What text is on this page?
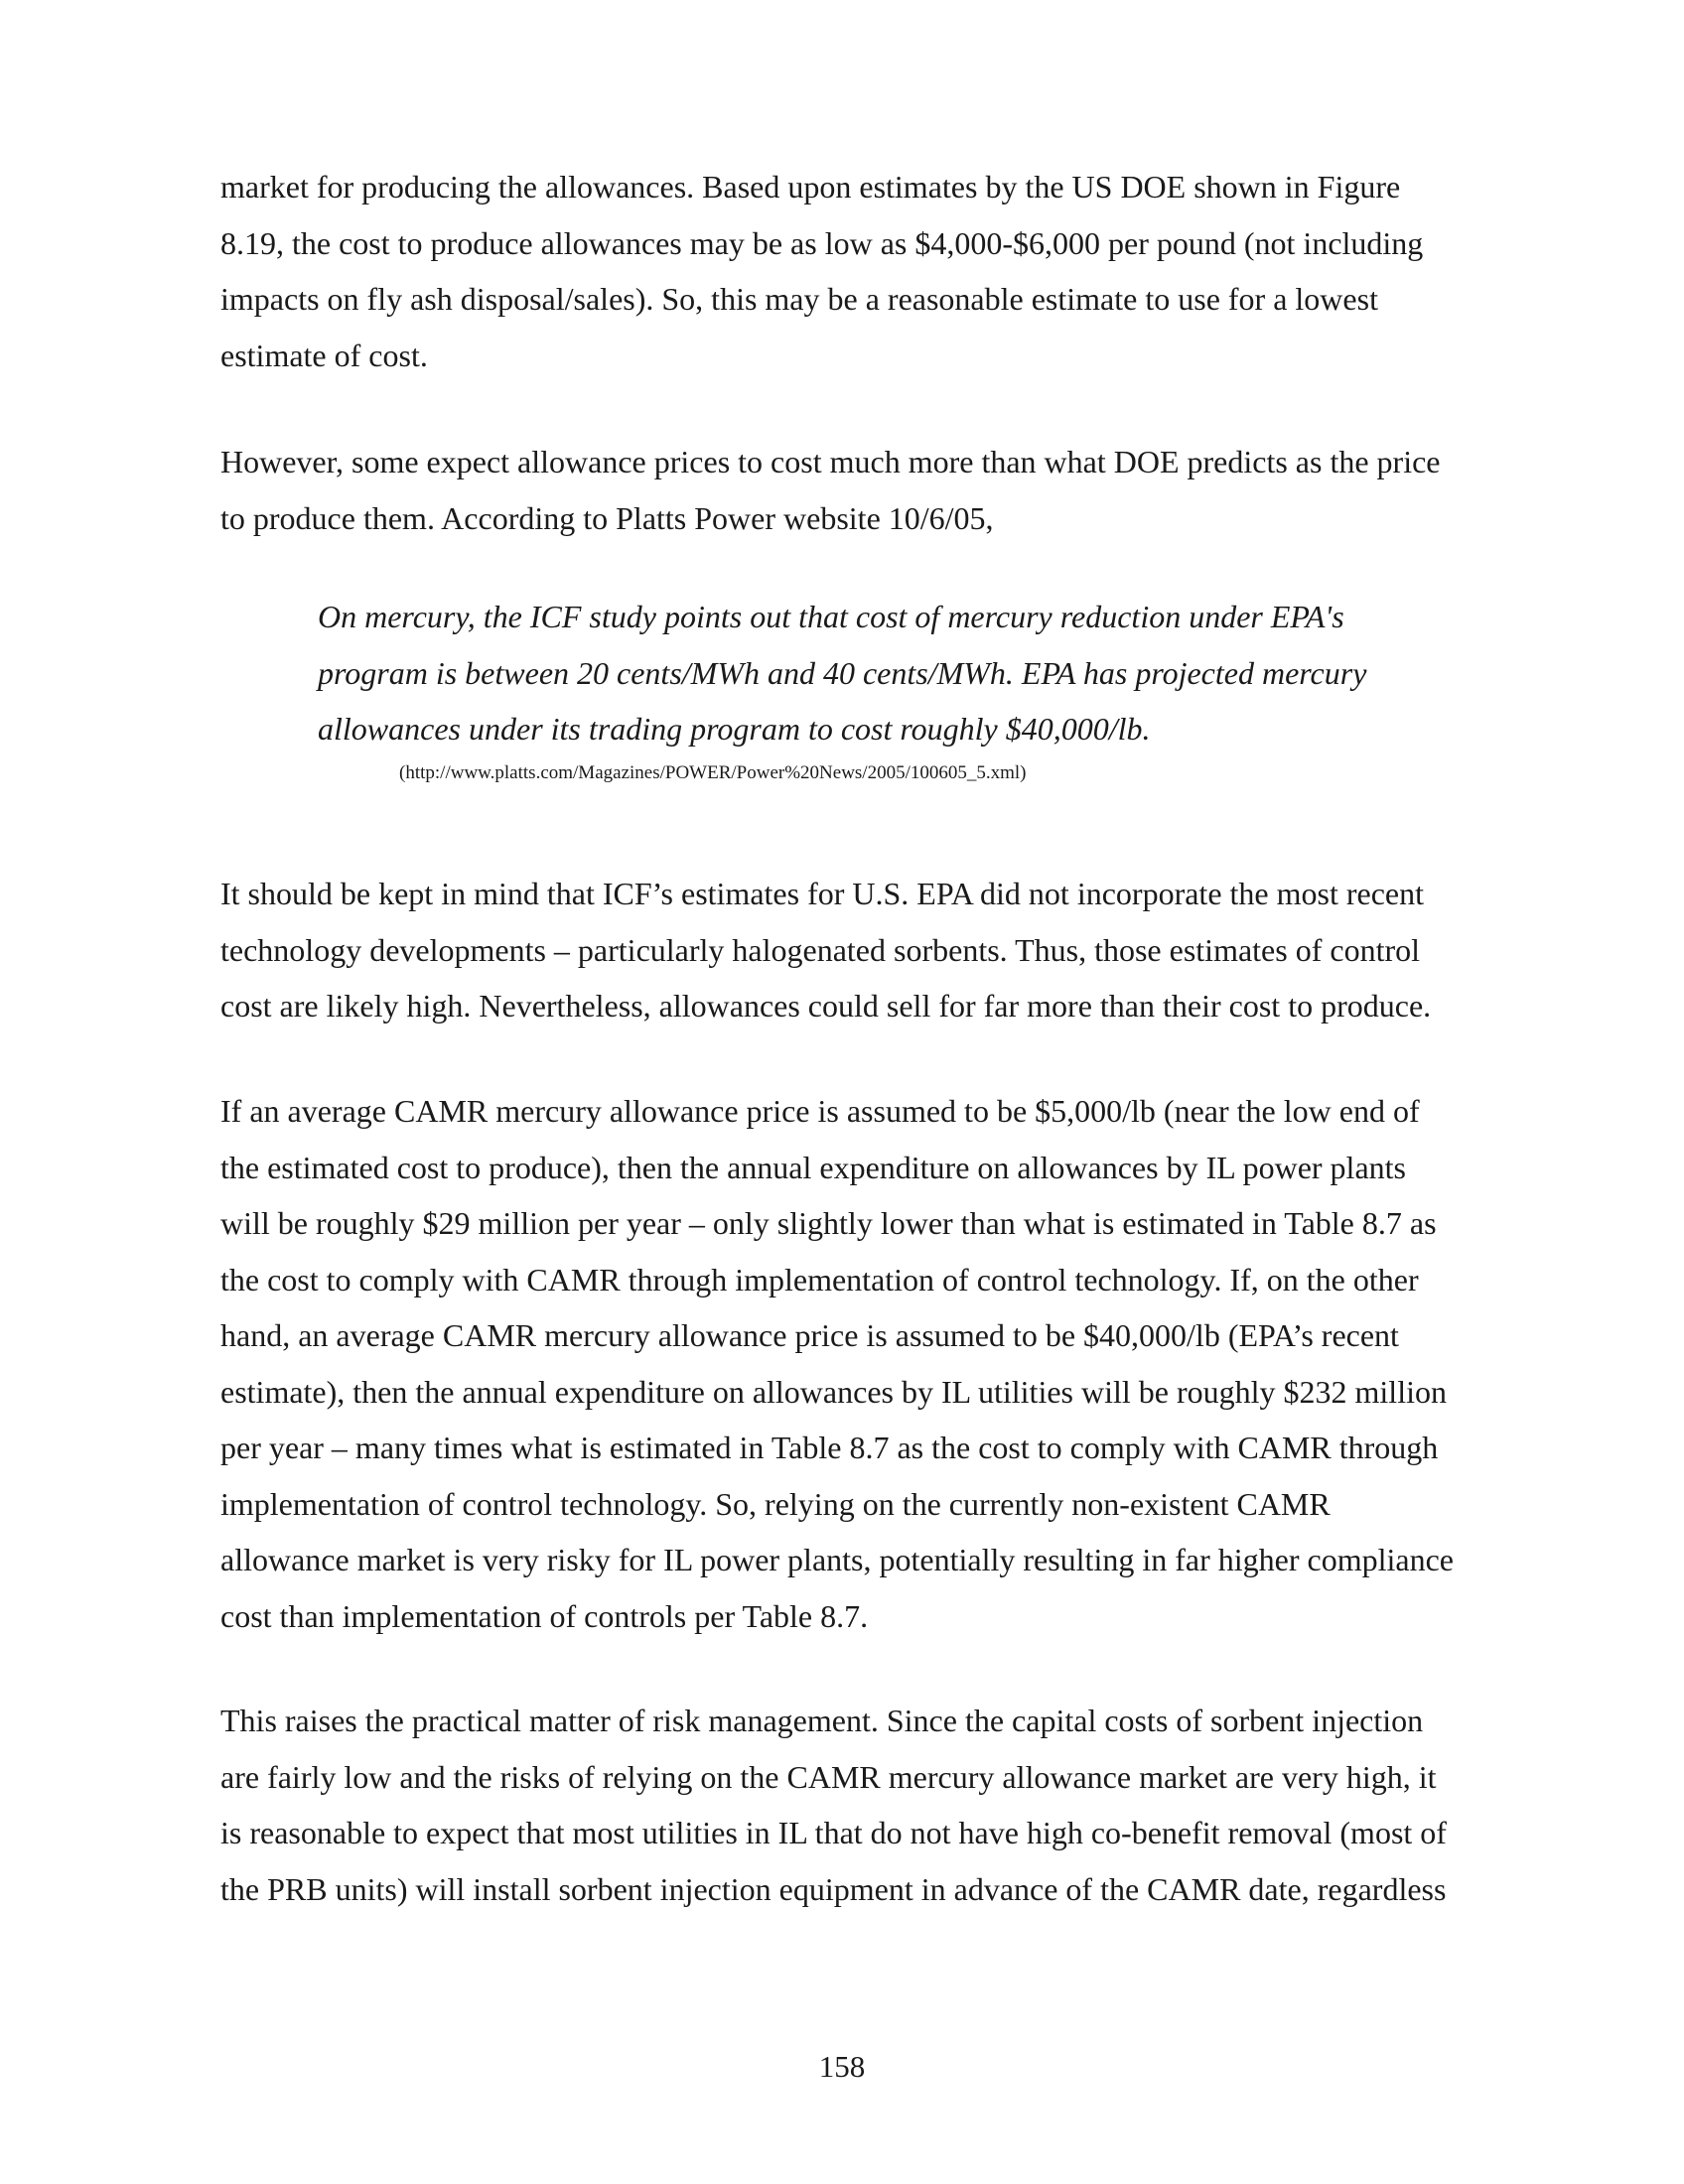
market for producing the allowances. Based upon estimates by the US DOE shown in Figure
8.19, the cost to produce allowances may be as low as $4,000-$6,000 per pound (not including
impacts on fly ash disposal/sales). So, this may be a reasonable estimate to use for a lowest
estimate of cost.

However, some expect allowance prices to cost much more than what DOE predicts as the price
to produce them. According to Platts Power website 10/6/05,

On mercury, the ICF study points out that cost of mercury reduction under EPA's
program is between 20 cents/MWh and 40 cents/MWh. EPA has projected mercury
allowances under its trading program to cost roughly $40,000/lb.
(http://www.platts.com/Magazines/POWER/Power%20News/2005/100605_5.xml)

It should be kept in mind that ICF’s estimates for U.S. EPA did not incorporate the most recent
technology developments – particularly halogenated sorbents. Thus, those estimates of control
cost are likely high. Nevertheless, allowances could sell for far more than their cost to produce.

If an average CAMR mercury allowance price is assumed to be $5,000/lb (near the low end of
the estimated cost to produce), then the annual expenditure on allowances by IL power plants
will be roughly $29 million per year – only slightly lower than what is estimated in Table 8.7 as
the cost to comply with CAMR through implementation of control technology. If, on the other
hand, an average CAMR mercury allowance price is assumed to be $40,000/lb (EPA’s recent
estimate), then the annual expenditure on allowances by IL utilities will be roughly $232 million
per year – many times what is estimated in Table 8.7 as the cost to comply with CAMR through
implementation of control technology. So, relying on the currently non-existent CAMR
allowance market is very risky for IL power plants, potentially resulting in far higher compliance
cost than implementation of controls per Table 8.7.

This raises the practical matter of risk management. Since the capital costs of sorbent injection
are fairly low and the risks of relying on the CAMR mercury allowance market are very high, it
is reasonable to expect that most utilities in IL that do not have high co-benefit removal (most of
the PRB units) will install sorbent injection equipment in advance of the CAMR date, regardless

158
